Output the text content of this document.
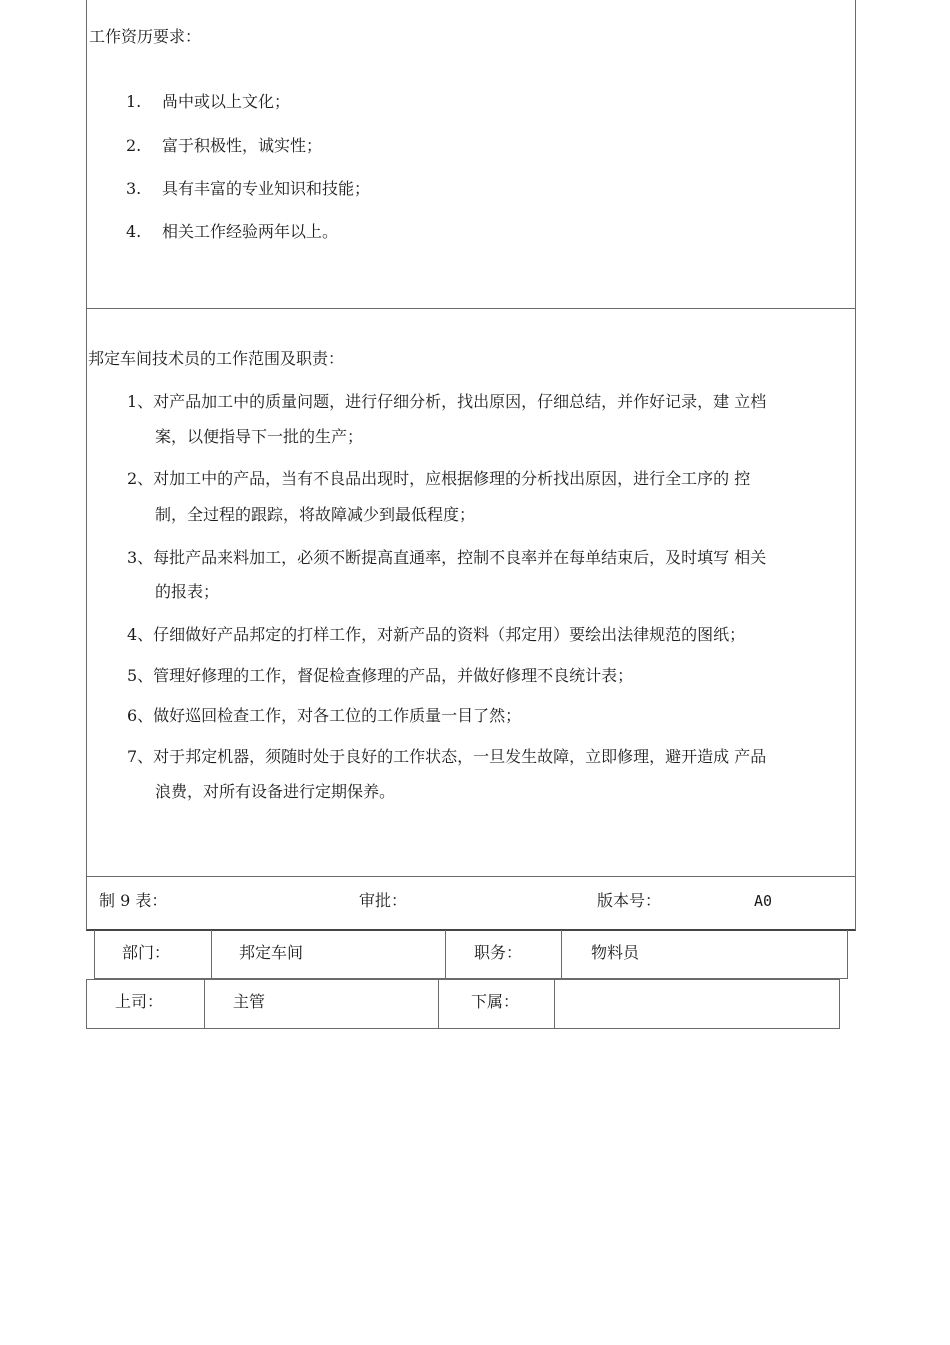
工作资历要求：
1. 咼中或以上文化；
2. 富于积极性，诚实性；
3. 具有丰富的专业知识和技能；
4. 相关工作经验两年以上。
邦定车间技术员的工作范围及职责：
1、对产品加工中的质量问题，进行仔细分析，找出原因，仔细总结，并作好记录，建 立档
案，以便指导下一批的生产；
2、对加工中的产品，当有不良品出现时，应根据修理的分析找出原因，进行全工序的 控
制，全过程的跟踪，将故障减少到最低程度；
3、每批产品来料加工，必须不断提高直通率，控制不良率并在每单结束后，及时填写 相关
的报表；
4、仔细做好产品邦定的打样工作，对新产品的资料（邦定用）要绘出法律规范的图纸；
5、管理好修理的工作，督促检查修理的产品，并做好修理不良统计表；
6、做好巡回检查工作，对各工位的工作质量一目了然；
7、对于邦定机器，须随时处于良好的工作状态，一旦发生故障，立即修理，避开造成 产品
浪费，对所有设备进行定期保养。
制 9 表：	审批：	版本号：	A0
部门：	邦定车间	职务：	物料员
上司：	主管	下属：
